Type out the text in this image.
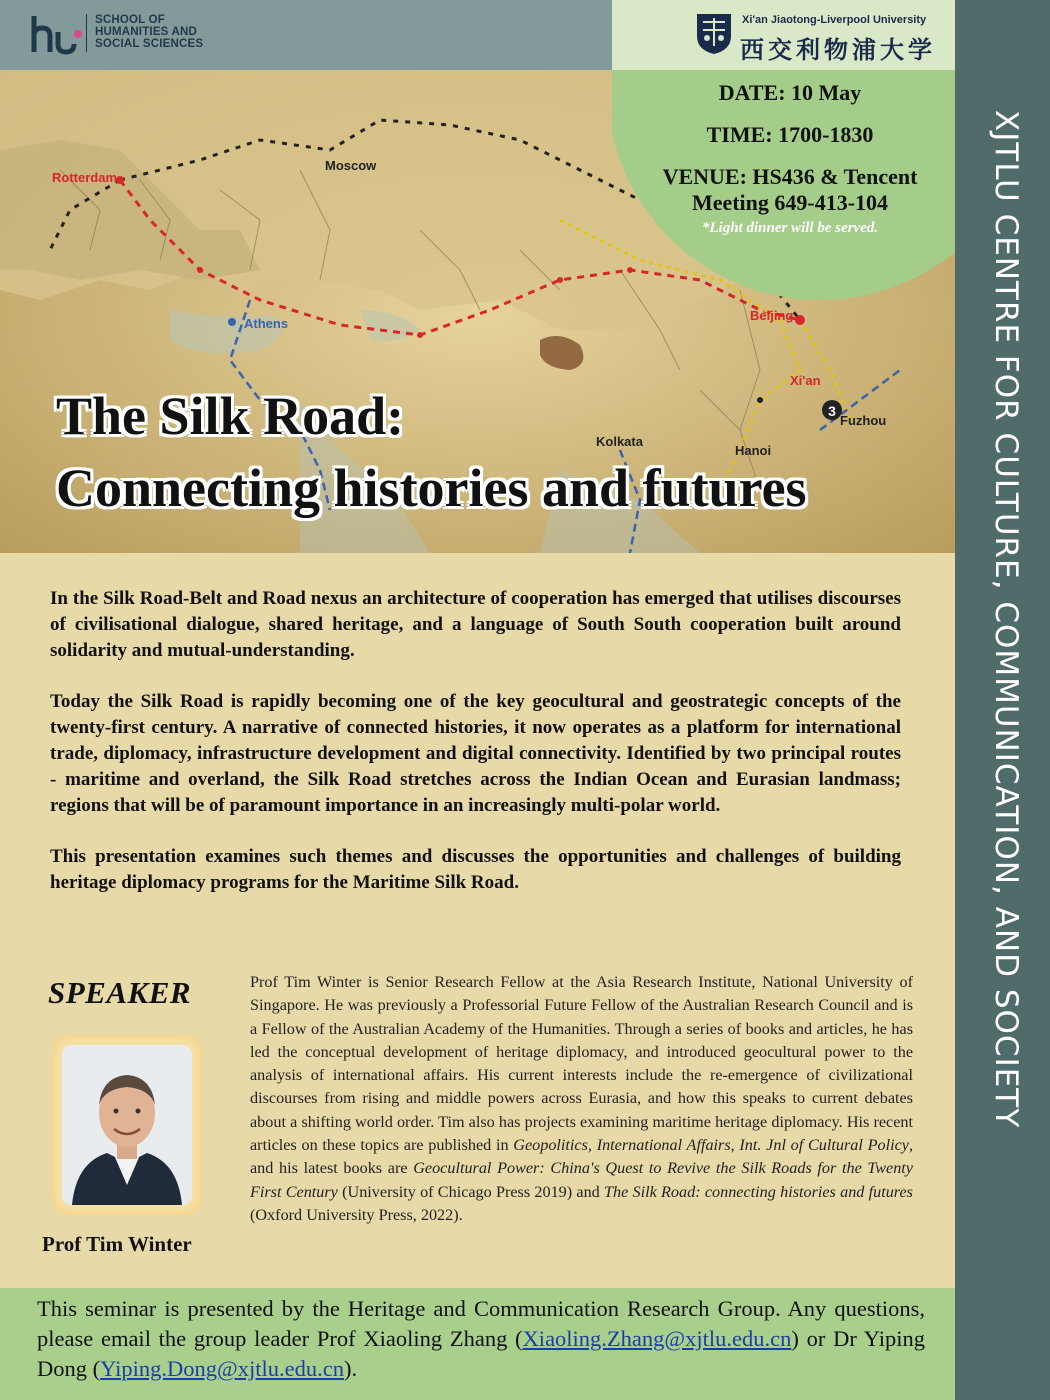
SCHOOL OF
HUMANITIES AND
SOCIAL SCIENCES
Xi'an Jiaotong-Liverpool University
西交利物浦大学
3
Rotterdam
Moscow
Athens
Beijing
Xi'an
Fuzhou
Kolkata
Hanoi
DATE: 10 May
TIME: 1700-1830
VENUE: HS436 & Tencent
Meeting 649-413-104
*Light dinner will be served.
The Silk Road:
Connecting histories and futures	XJTLU CENTRE FOR CULTURE, COMMUNICATION, AND SOCIETY

In the Silk Road-Belt and Road nexus an architecture of cooperation has emerged that utilises discourses of civilisational dialogue, shared heritage, and a language of South South cooperation built around solidarity and mutual-understanding.

Today the Silk Road is rapidly becoming one of the key geocultural and geostrategic concepts of the twenty-first century. A narrative of connected histories, it now operates as a platform for international trade, diplomacy, infrastructure development and digital connectivity. Identified by two principal routes - maritime and overland, the Silk Road stretches across the Indian Ocean and Eurasian landmass; regions that will be of paramount importance in an increasingly multi-polar world.

This presentation examines such themes and discusses the opportunities and challenges of building heritage diplomacy programs for the Maritime Silk Road.

SPEAKER
Prof Tim Winter
Prof Tim Winter is Senior Research Fellow at the Asia Research Institute, National University of Singapore. He was previously a Professorial Future Fellow of the Australian Research Council and is a Fellow of the Australian Academy of the Humanities. Through a series of books and articles, he has led the conceptual development of heritage diplomacy, and introduced geocultural power to the analysis of international affairs. His current interests include the re-emergence of civilizational discourses from rising and middle powers across Eurasia, and how this speaks to current debates about a shifting world order. Tim also has projects examining maritime heritage diplomacy. His recent articles on these topics are published in Geopolitics, International Affairs, Int. Jnl of Cultural Policy, and his latest books are Geocultural Power: China's Quest to Revive the Silk Roads for the Twenty First Century (University of Chicago Press 2019) and The Silk Road: connecting histories and futures (Oxford University Press, 2022).
This seminar is presented by the Heritage and Communication Research Group. Any questions, please email the group leader Prof Xiaoling Zhang (Xiaoling.Zhang@xjtlu.edu.cn) or Dr Yiping Dong (Yiping.Dong@xjtlu.edu.cn).
